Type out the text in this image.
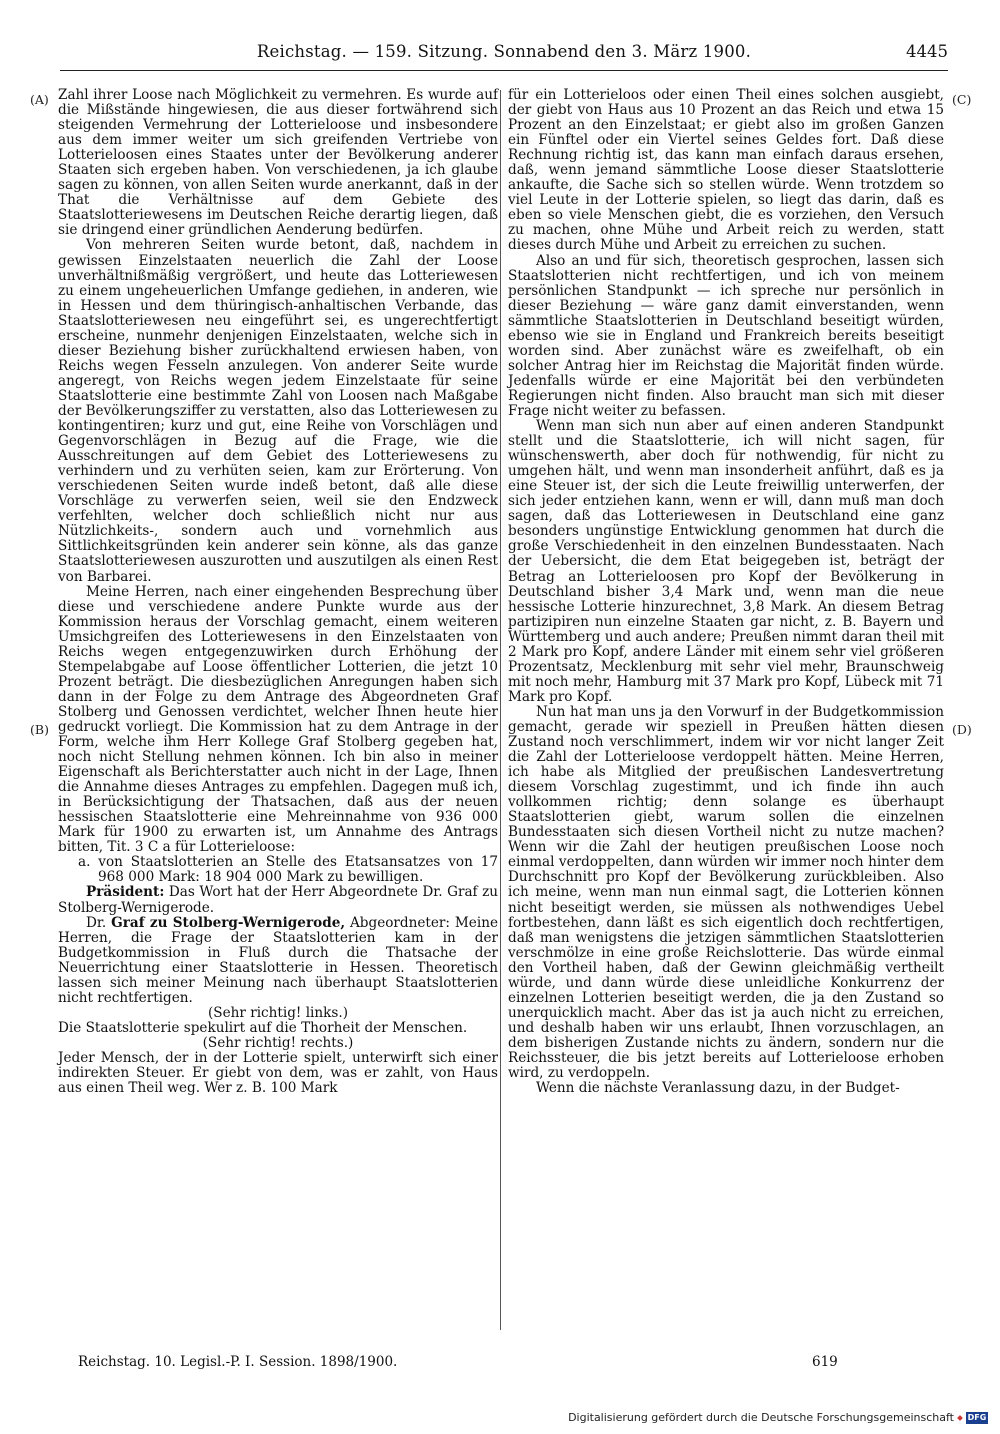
Reichstag. — 159. Sitzung. Sonnabend den 3. März 1900.	4445
(A)
(B)
(C)
(D)

Zahl ihrer Loose nach Möglichkeit zu vermehren. Es wurde auf die Mißstände hingewiesen, die aus dieser fortwährend sich steigenden Vermehrung der Lotterieloose und insbesondere aus dem immer weiter um sich greifenden Vertriebe von Lotterieloosen eines Staates unter der Bevölkerung anderer Staaten sich ergeben haben. Von verschiedenen, ja ich glaube sagen zu können, von allen Seiten wurde anerkannt, daß in der That die Verhältnisse auf dem Gebiete des Staatslotteriewesens im Deutschen Reiche derartig liegen, daß sie dringend einer gründlichen Aenderung bedürfen.

Von mehreren Seiten wurde betont, daß, nachdem in gewissen Einzelstaaten neuerlich die Zahl der Loose unverhältnißmäßig vergrößert, und heute das Lotteriewesen zu einem ungeheuerlichen Umfange gediehen, in anderen, wie in Hessen und dem thüringisch-anhaltischen Verbande, das Staatslotteriewesen neu eingeführt sei, es ungerechtfertigt erscheine, nunmehr denjenigen Einzelstaaten, welche sich in dieser Beziehung bisher zurückhaltend erwiesen haben, von Reichs wegen Fesseln anzulegen. Von anderer Seite wurde angeregt, von Reichs wegen jedem Einzelstaate für seine Staatslotterie eine bestimmte Zahl von Loosen nach Maßgabe der Bevölkerungsziffer zu verstatten, also das Lotteriewesen zu kontingentiren; kurz und gut, eine Reihe von Vorschlägen und Gegenvorschlägen in Bezug auf die Frage, wie die Ausschreitungen auf dem Gebiet des Lotteriewesens zu verhindern und zu verhüten seien, kam zur Erörterung. Von verschiedenen Seiten wurde indeß betont, daß alle diese Vorschläge zu verwerfen seien, weil sie den Endzweck verfehlten, welcher doch schließlich nicht nur aus Nützlichkeits-, sondern auch und vornehmlich aus Sittlichkeitsgründen kein anderer sein könne, als das ganze Staatslotteriewesen auszurotten und auszutilgen als einen Rest von Barbarei.

Meine Herren, nach einer eingehenden Besprechung über diese und verschiedene andere Punkte wurde aus der Kommission heraus der Vorschlag gemacht, einem weiteren Umsichgreifen des Lotteriewesens in den Einzelstaaten von Reichs wegen entgegenzuwirken durch Erhöhung der Stempelabgabe auf Loose öffentlicher Lotterien, die jetzt 10 Prozent beträgt. Die diesbezüglichen Anregungen haben sich dann in der Folge zu dem Antrage des Abgeordneten Graf Stolberg und Genossen verdichtet, welcher Ihnen heute hier gedruckt vorliegt. Die Kommission hat zu dem Antrage in der Form, welche ihm Herr Kollege Graf Stolberg gegeben hat, noch nicht Stellung nehmen können. Ich bin also in meiner Eigenschaft als Berichterstatter auch nicht in der Lage, Ihnen die Annahme dieses Antrages zu empfehlen. Dagegen muß ich, in Berücksichtigung der Thatsachen, daß aus der neuen hessischen Staatslotterie eine Mehreinnahme von 936 000 Mark für 1900 zu erwarten ist, um Annahme des Antrags bitten, Tit. 3 C a für Lotterieloose:

a. von Staatslotterien an Stelle des Etatsansatzes von 17 968 000 Mark: 18 904 000 Mark zu bewilligen.

Präsident: Das Wort hat der Herr Abgeordnete Dr. Graf zu Stolberg-Wernigerode.

Dr. Graf zu Stolberg-Wernigerode, Abgeordneter: Meine Herren, die Frage der Staatslotterien kam in der Budgetkommission in Fluß durch die Thatsache der Neuerrichtung einer Staatslotterie in Hessen. Theoretisch lassen sich meiner Meinung nach überhaupt Staatslotterien nicht rechtfertigen.

(Sehr richtig! links.)

Die Staatslotterie spekulirt auf die Thorheit der Menschen.

(Sehr richtig! rechts.)

Jeder Mensch, der in der Lotterie spielt, unterwirft sich einer indirekten Steuer. Er giebt von dem, was er zahlt, von Haus aus einen Theil weg. Wer z. B. 100 Mark

für ein Lotterieloos oder einen Theil eines solchen ausgiebt, der giebt von Haus aus 10 Prozent an das Reich und etwa 15 Prozent an den Einzelstaat; er giebt also im großen Ganzen ein Fünftel oder ein Viertel seines Geldes fort. Daß diese Rechnung richtig ist, das kann man einfach daraus ersehen, daß, wenn jemand sämmtliche Loose dieser Staatslotterie ankaufte, die Sache sich so stellen würde. Wenn trotzdem so viel Leute in der Lotterie spielen, so liegt das darin, daß es eben so viele Menschen giebt, die es vorziehen, den Versuch zu machen, ohne Mühe und Arbeit reich zu werden, statt dieses durch Mühe und Arbeit zu erreichen zu suchen.

Also an und für sich, theoretisch gesprochen, lassen sich Staatslotterien nicht rechtfertigen, und ich von meinem persönlichen Standpunkt — ich spreche nur persönlich in dieser Beziehung — wäre ganz damit einverstanden, wenn sämmtliche Staatslotterien in Deutschland beseitigt würden, ebenso wie sie in England und Frankreich bereits beseitigt worden sind. Aber zunächst wäre es zweifelhaft, ob ein solcher Antrag hier im Reichstag die Majorität finden würde. Jedenfalls würde er eine Majorität bei den verbündeten Regierungen nicht finden. Also braucht man sich mit dieser Frage nicht weiter zu befassen.

Wenn man sich nun aber auf einen anderen Standpunkt stellt und die Staatslotterie, ich will nicht sagen, für wünschenswerth, aber doch für nothwendig, für nicht zu umgehen hält, und wenn man insonderheit anführt, daß es ja eine Steuer ist, der sich die Leute freiwillig unterwerfen, der sich jeder entziehen kann, wenn er will, dann muß man doch sagen, daß das Lotteriewesen in Deutschland eine ganz besonders ungünstige Entwicklung genommen hat durch die große Verschiedenheit in den einzelnen Bundesstaaten. Nach der Uebersicht, die dem Etat beigegeben ist, beträgt der Betrag an Lotterieloosen pro Kopf der Bevölkerung in Deutschland bisher 3,4 Mark und, wenn man die neue hessische Lotterie hinzurechnet, 3,8 Mark. An diesem Betrag partizipiren nun einzelne Staaten gar nicht, z. B. Bayern und Württemberg und auch andere; Preußen nimmt daran theil mit 2 Mark pro Kopf, andere Länder mit einem sehr viel größeren Prozentsatz, Mecklenburg mit sehr viel mehr, Braunschweig mit noch mehr, Hamburg mit 37 Mark pro Kopf, Lübeck mit 71 Mark pro Kopf.

Nun hat man uns ja den Vorwurf in der Budgetkommission gemacht, gerade wir speziell in Preußen hätten diesen Zustand noch verschlimmert, indem wir vor nicht langer Zeit die Zahl der Lotterieloose verdoppelt hätten. Meine Herren, ich habe als Mitglied der preußischen Landesvertretung diesem Vorschlag zugestimmt, und ich finde ihn auch vollkommen richtig; denn solange es überhaupt Staatslotterien giebt, warum sollen die einzelnen Bundesstaaten sich diesen Vortheil nicht zu nutze machen? Wenn wir die Zahl der heutigen preußischen Loose noch einmal verdoppelten, dann würden wir immer noch hinter dem Durchschnitt pro Kopf der Bevölkerung zurückbleiben. Also ich meine, wenn man nun einmal sagt, die Lotterien können nicht beseitigt werden, sie müssen als nothwendiges Uebel fortbestehen, dann läßt es sich eigentlich doch rechtfertigen, daß man wenigstens die jetzigen sämmtlichen Staatslotterien verschmölze in eine große Reichslotterie. Das würde einmal den Vortheil haben, daß der Gewinn gleichmäßig vertheilt würde, und dann würde diese unleidliche Konkurrenz der einzelnen Lotterien beseitigt werden, die ja den Zustand so unerquicklich macht. Aber das ist ja auch nicht zu erreichen, und deshalb haben wir uns erlaubt, Ihnen vorzuschlagen, an dem bisherigen Zustande nichts zu ändern, sondern nur die Reichssteuer, die bis jetzt bereits auf Lotterieloose erhoben wird, zu verdoppeln.

Wenn die nächste Veranlassung dazu, in der Budget-

Reichstag. 10. Legisl.-P. I. Session. 1898/1900.	619
Digitalisierung gefördert durch die Deutsche Forschungsgemeinschaft DFG
